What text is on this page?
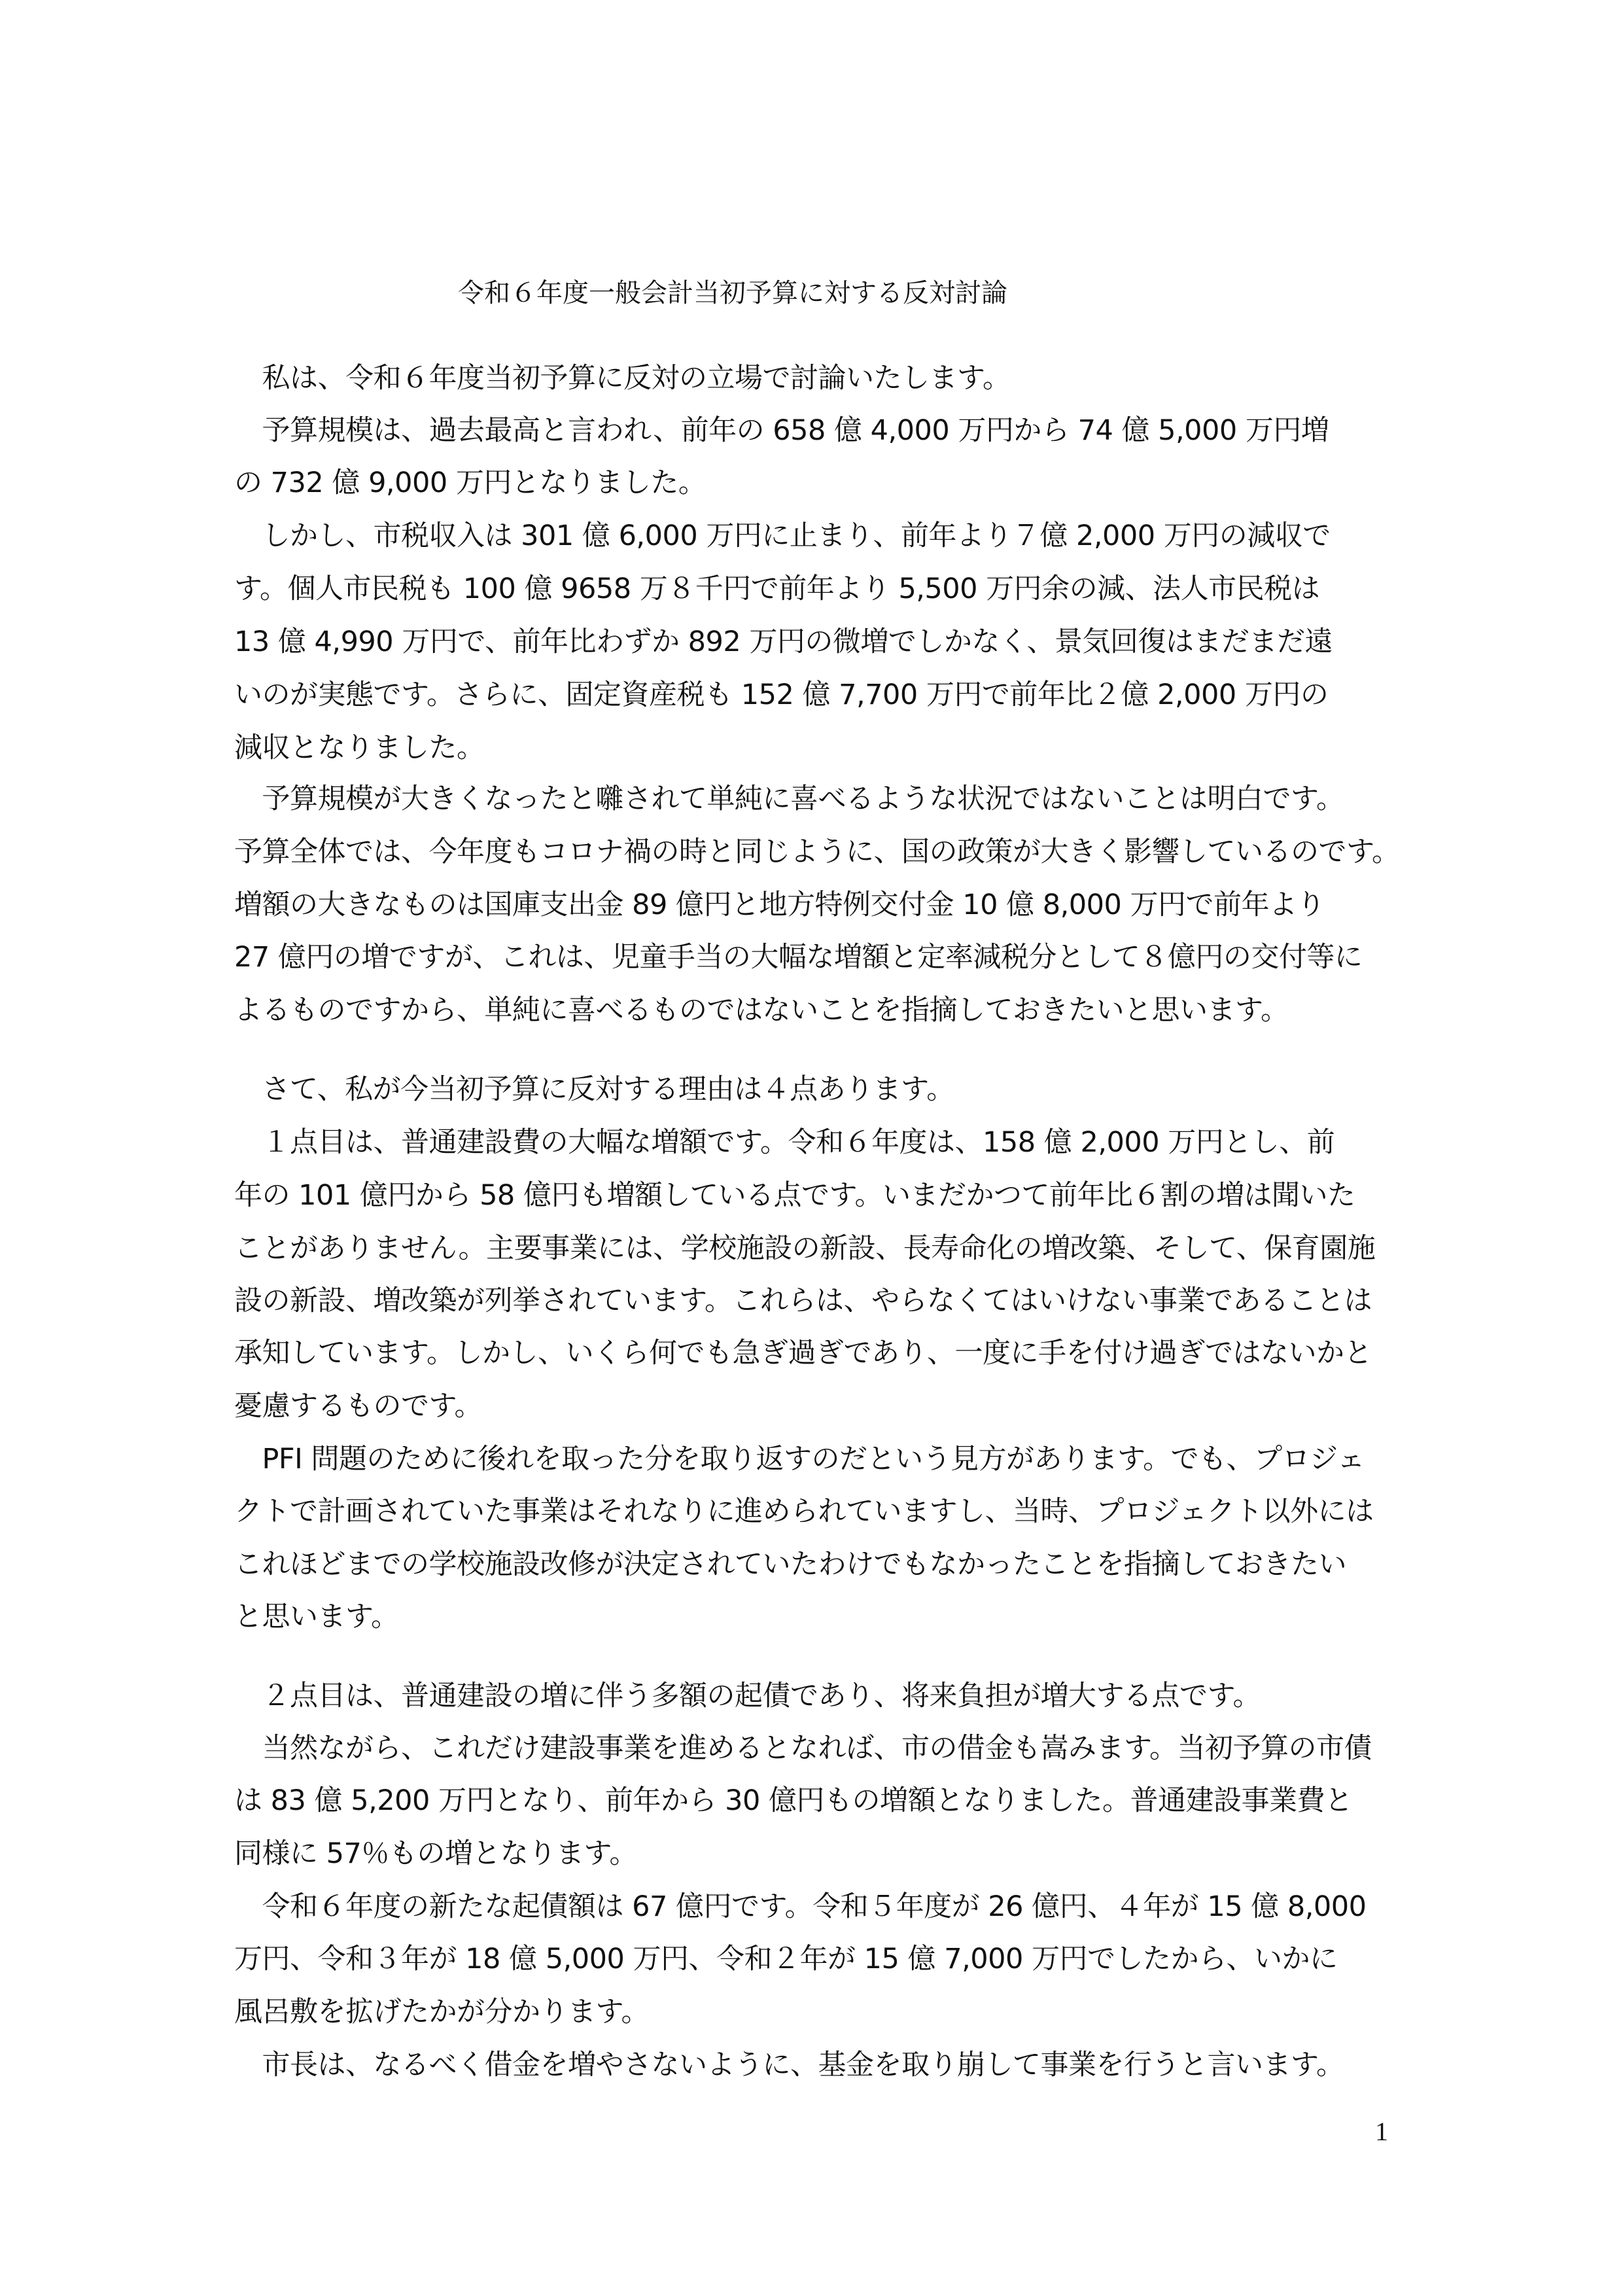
令和６年度一般会計当初予算に対する反対討論

　私は、令和６年度当初予算に反対の立場で討論いたします。

　予算規模は、過去最高と言われ、前年の 658 億 4,000 万円から 74 億 5,000 万円増

の 732 億 9,000 万円となりました。

　しかし、市税収入は 301 億 6,000 万円に止まり、前年より７億 2,000 万円の減収で

す。個人市民税も 100 億 9658 万８千円で前年より 5,500 万円余の減、法人市民税は

13 億 4,990 万円で、前年比わずか 892 万円の微増でしかなく、景気回復はまだまだ遠

いのが実態です。さらに、固定資産税も 152 億 7,700 万円で前年比２億 2,000 万円の

減収となりました。

　予算規模が大きくなったと囃されて単純に喜べるような状況ではないことは明白です。

予算全体では、今年度もコロナ禍の時と同じように、国の政策が大きく影響しているのです。

増額の大きなものは国庫支出金 89 億円と地方特例交付金 10 億 8,000 万円で前年より

27 億円の増ですが、これは、児童手当の大幅な増額と定率減税分として８億円の交付等に

よるものですから、単純に喜べるものではないことを指摘しておきたいと思います。

　さて、私が今当初予算に反対する理由は４点あります。

　１点目は、普通建設費の大幅な増額です。令和６年度は、158 億 2,000 万円とし、前

年の 101 億円から 58 億円も増額している点です。いまだかつて前年比６割の増は聞いた

ことがありません。主要事業には、学校施設の新設、長寿命化の増改築、そして、保育園施

設の新設、増改築が列挙されています。これらは、やらなくてはいけない事業であることは

承知しています。しかし、いくら何でも急ぎ過ぎであり、一度に手を付け過ぎではないかと

憂慮するものです。

　PFI 問題のために後れを取った分を取り返すのだという見方があります。でも、プロジェ

クトで計画されていた事業はそれなりに進められていますし、当時、プロジェクト以外には

これほどまでの学校施設改修が決定されていたわけでもなかったことを指摘しておきたい

と思います。

　２点目は、普通建設の増に伴う多額の起債であり、将来負担が増大する点です。

　当然ながら、これだけ建設事業を進めるとなれば、市の借金も嵩みます。当初予算の市債

は 83 億 5,200 万円となり、前年から 30 億円もの増額となりました。普通建設事業費と

同様に 57％もの増となります。

　令和６年度の新たな起債額は 67 億円です。令和５年度が 26 億円、４年が 15 億 8,000

万円、令和３年が 18 億 5,000 万円、令和２年が 15 億 7,000 万円でしたから、いかに

風呂敷を拡げたかが分かります。

　市長は、なるべく借金を増やさないように、基金を取り崩して事業を行うと言います。

1
